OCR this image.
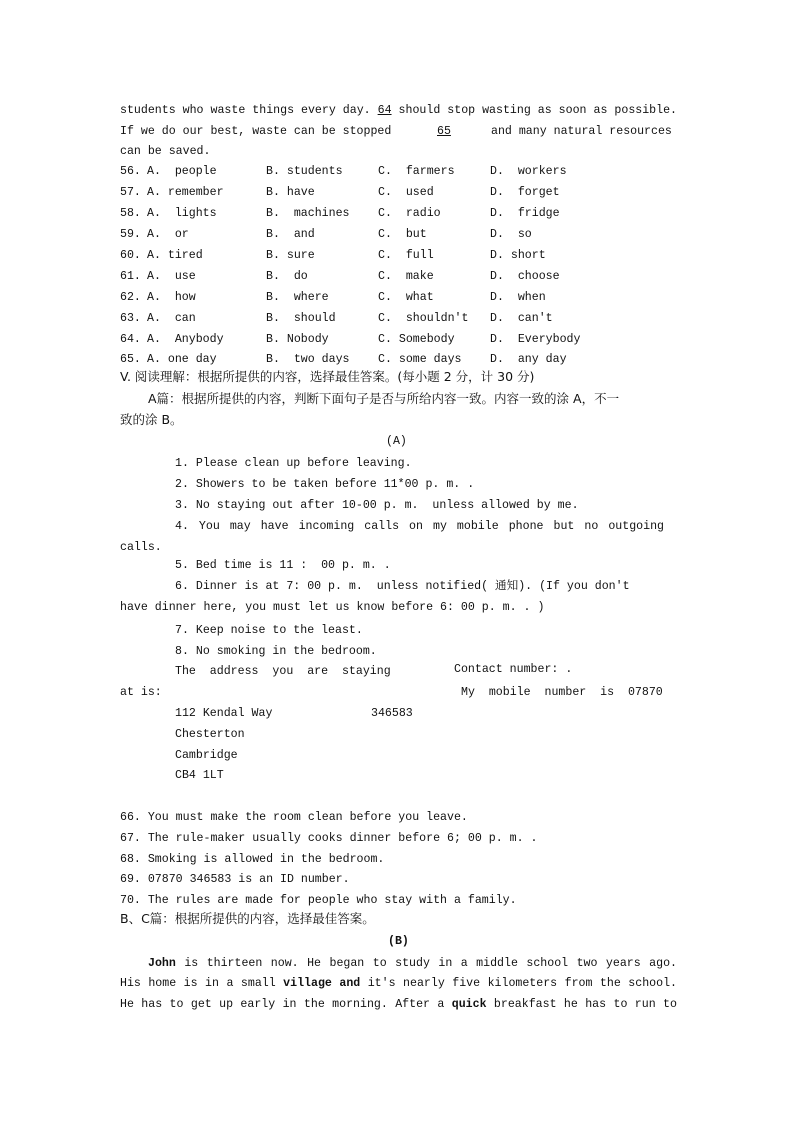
students who waste things every day. 64 should stop wasting as soon as possible.
If we do our best, waste can be stopped	65	and many natural resources
can be saved.
56. A.  people	B. students	C.  farmers	D.  workers
57. A. remember	B. have	C.  used	D.  forget
58. A.  lights	B.  machines C.  radio	D.  fridge
59. A.  or	B.  and	C.  but	D.  so
60. A. tired	B. sure	C.  full	D. short
61. A.  use	B.  do	C.  make	D.  choose
62. A.  how	B.  where	C.  what	D.  when
63. A.  can	B.  should	C.  shouldn't D.  can't
64. A.  Anybody	B. Nobody	C. Somebody	D.  Everybody
65. A. one day	B.  two days C. some days D.  any day
V. 阅读理解：根据所提供的内容，选择最佳答案。(每小题 2 分，计 30 分)
A篇：根据所提供的内容，判断下面句子是否与所给内容一致。内容一致的涂 A，不一
致的涂 B。
(A)
1. Please clean up before leaving.
2. Showers to be taken before 11*00 p. m. .
3. No staying out after 10-00 p. m.  unless allowed by me.
4. You may have incoming calls on my mobile phone but no outgoing
calls.
5. Bed time is 11 :  00 p. m. .
6. Dinner is at 7: 00 p. m.  unless notified( 通知). (If you don't
have dinner here, you must let us know before 6: 00 p. m. . )
7. Keep noise to the least.
8. No smoking in the bedroom.
The  address  you  are  staying	Contact number: .
at is:	My  mobile  number  is  07870
112 Kendal Way	346583
Chesterton
Cambridge
CB4 1LT
66. You must make the room clean before you leave.
67. The rule-maker usually cooks dinner before 6; 00 p. m. .
68. Smoking is allowed in the bedroom.
69. 07870 346583 is an ID number.
70. The rules are made for people who stay with a family.
B、C篇：根据所提供的内容，选择最佳答案。
(B)
John is thirteen now. He began to study in a middle school two years ago.
His home is in a small village and it's nearly five kilometers from the school.
He has to get up early in the morning. After a quick breakfast he has to run to
